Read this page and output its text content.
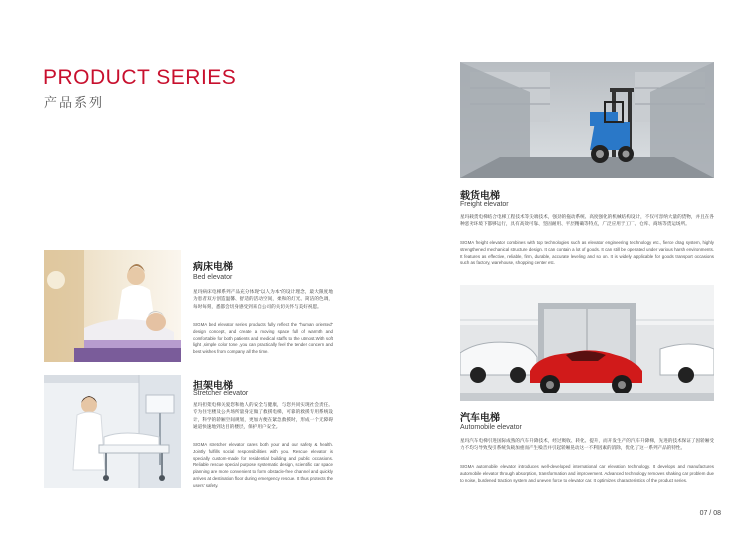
PRODUCT SERIES
产品系列
病床电梯
Bed elevator
星玛病床电梯系列产品充分体现“以人为本”的设计理念，最大限度地为患者双方创造温馨、舒适的活动空间，柔和的灯光、简洁的色调，每时每刻，悉都会切身感受到来自公司的关切关怀与美好祝愿。
SIGMA bed elevator series products fully reflect the “human oriented” design concept, and create a moving space full of warmth and comfortable for both patients and medical staffs to the utmost.With soft light ,simple color tone ,you can practically feel the tender concern and best wishes from company all the time.
担架电梯
Stretcher elevator
星玛担架电梯关爱您和他人的安全与健康，与您共同实现社会责任。专为住宅楼及公共场所量身定做了救援电梯，可靠的救援专用系统设计，科学的轿厢空间规划，更加方便在紧急救援时，形成一个无障碍通道快速地到达目的楼层，保护用户安全。
SIGMA stretcher elevator cares both your and our safety & health. Jointly fulfills social responsibilities with you. Rescue elevator is specially custom-made for residential building and public occasions. Reliable rescue special purpose systematic design, scientific car space planning are more convenient to form obstacle-free channel and quickly arrives at destination floor during emergency rescue. It thus protects the users' safety.
载货电梯
Freight elevator
星玛载货电梯结合电梯工程技术等尖端技术，强劲的拖动系统、高度强化的机械结构设计，不仅可容纳大量的货物，并且在各种恶劣环境下都够运行，具有高效可靠、坚固耐用、平层精确等特点，广泛应用于工厂、仓库、商场等货运场所。
SIGMA freight elevator combines with top technologies such as elevator engineering technology etc., fierce drag system, highly strengthened mechanical structure design. It can contain a lot of goods. It can still be operated under various harsh environments. It features as effective, reliable, firm, durable, accurate leveling and so on. It is widely applicable for goods transport occasions such as factory, warehouse, shopping center etc.
汽车电梯
Automobile elevator
星玛汽车电梯引进国际成熟的汽车升降技术，经过吸收、转化、提升，而开发生产的汽车升降梯，先进的技术保证了因轿厢受力不均匀导致曳引系统负载加重而产生噪音并引起轿厢晃动这一不利因素的消除，优化了这一系列产品的特性。
SIGMA automobile elevator introduces well-developed international car elevation technology. It develops and manufactures automobile elevator through absorption, transformation and improvement. Advanced technology removes shaking car problem due to noise, burdened traction system and uneven force to elevator car. It optimizes characteristics of the product series.
07 / 08
